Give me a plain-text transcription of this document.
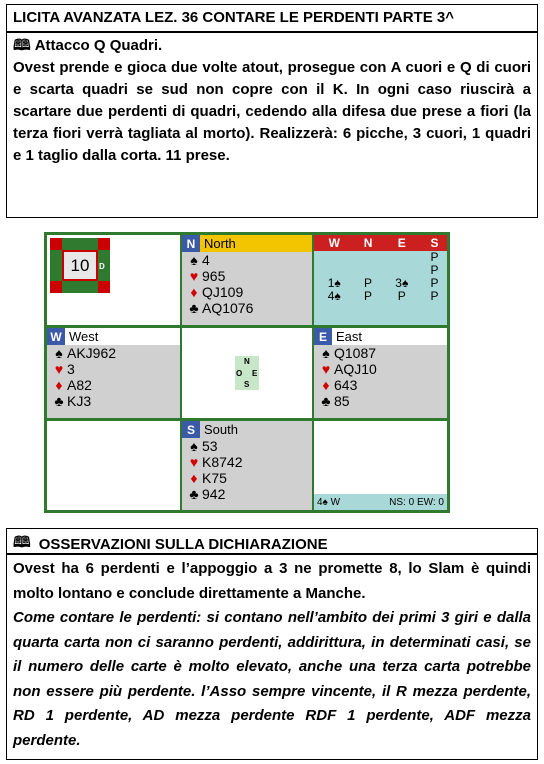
LICITA AVANZATA LEZ. 36 CONTARE LE PERDENTI PARTE 3^
🕮 Attacco Q Quadri.
Ovest prende e gioca due volte atout, prosegue con A cuori e Q di cuori e scarta quadri se sud non copre con il K. In ogni caso riuscirà a scartare due perdenti di quadri, cedendo alla difesa due prese a fiori (la terza fiori verrà tagliata al morto). Realizzerà: 6 picche, 3 cuori, 1 quadri e 1 taglio dalla corta. 11 prese.
10	D
N North
♠ 4
♥ 965
♦ QJ109
♣ AQ1076
W	N	E	S
			P
			P
1♠	P	3♠	P
4♠	P	P	P
W West
♠ AKJ962
♥ 3
♦ A82
♣ KJ3
N
O E
S
E East
♠ Q1087
♥ AQJ10
♦ 643
♣ 85
S South
♠ 53
♥ K8742
♦ K75
♣ 942	4♠ W	NS: 0 EW: 0
🕮 OSSERVAZIONI SULLA DICHIARAZIONE
Ovest ha 6 perdenti e l’appoggio a 3 ne promette 8, lo Slam è quindi molto lontano e conclude direttamente a Manche.
Come contare le perdenti: si contano nell’ambito dei primi 3 giri e dalla quarta carta non ci saranno perdenti, addirittura, in determinati casi, se il numero delle carte è molto elevato, anche una terza carta potrebbe non essere più perdente. l’Asso sempre vincente, il R mezza perdente, RD 1 perdente, AD mezza perdente RDF 1 perdente, ADF mezza perdente.
